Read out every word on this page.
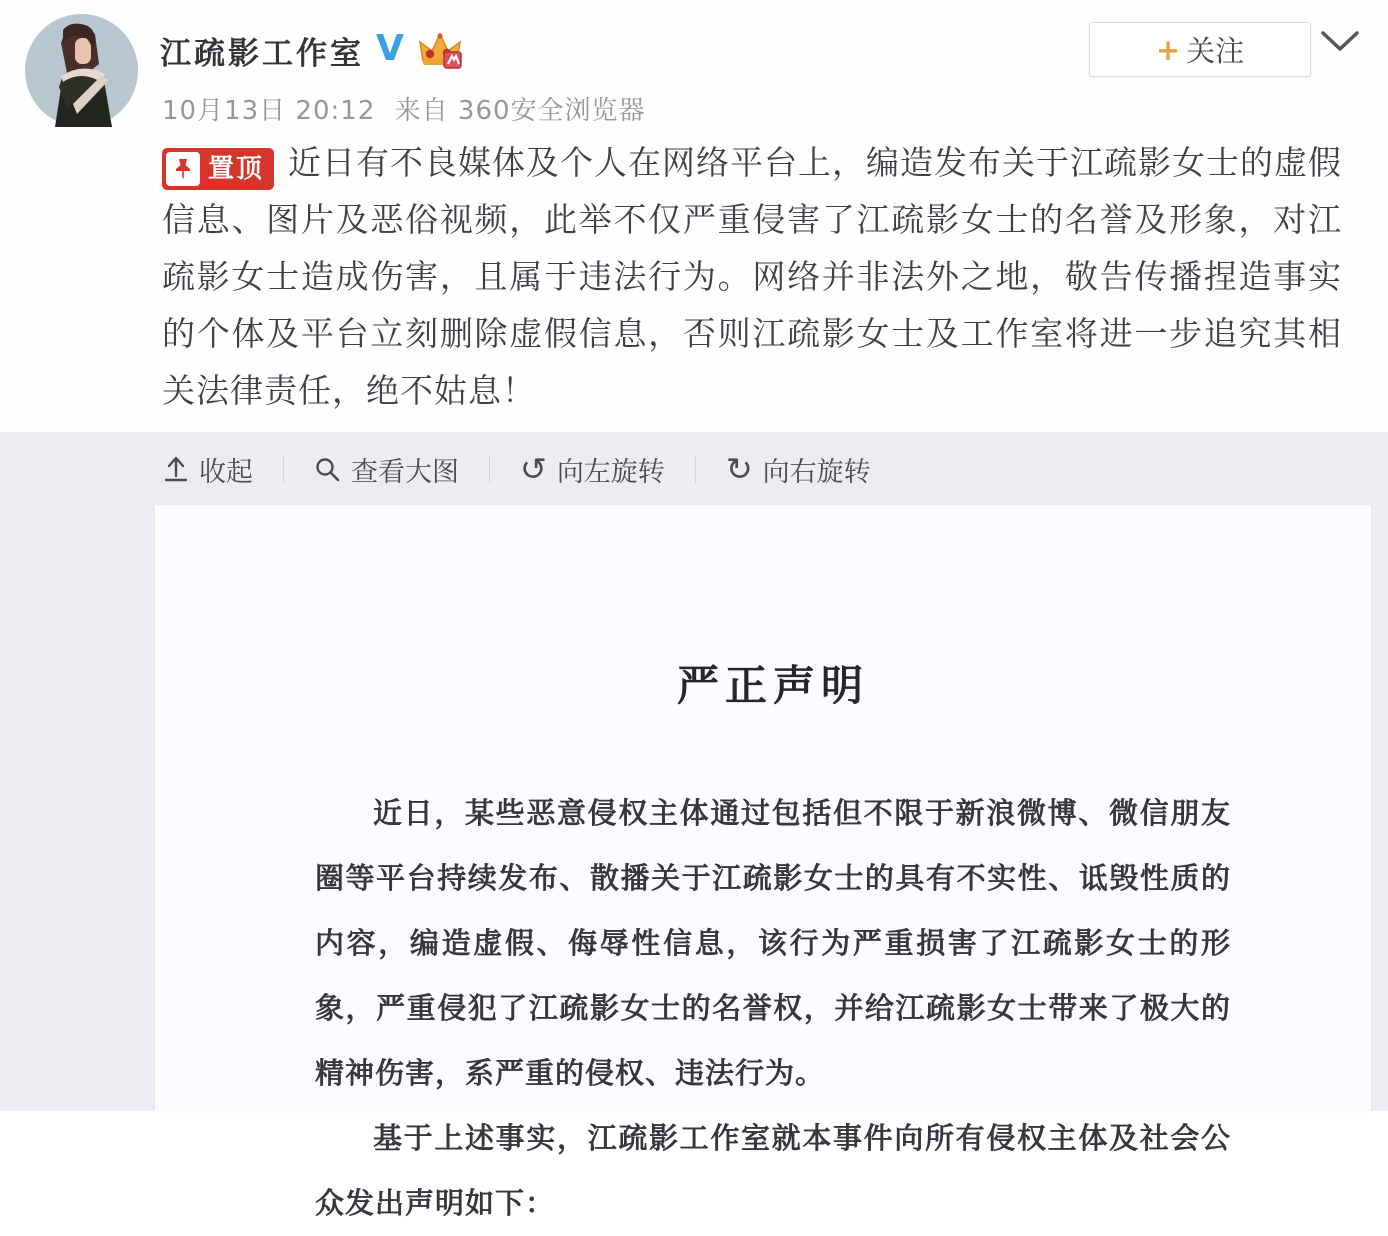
江疏影工作室 V
10月13日 20:12 来自 360安全浏览器
+ 关注
置顶 近日有不良媒体及个人在网络平台上，编造发布关于江疏影女士的虚假信息、图片及恶俗视频，此举不仅严重侵害了江疏影女士的名誉及形象，对江疏影女士造成伤害，且属于违法行为。网络并非法外之地，敬告传播捏造事实的个体及平台立刻删除虚假信息，否则江疏影女士及工作室将进一步追究其相关法律责任，绝不姑息！
收起	查看大图 ↺ 向左旋转 ↻ 向右旋转
严正声明

近日，某些恶意侵权主体通过包括但不限于新浪微博、微信朋友圈等平台持续发布、散播关于江疏影女士的具有不实性、诋毁性质的内容，编造虚假、侮辱性信息，该行为严重损害了江疏影女士的形象，严重侵犯了江疏影女士的名誉权，并给江疏影女士带来了极大的精神伤害，系严重的侵权、违法行为。

基于上述事实，江疏影工作室就本事件向所有侵权主体及社会公众发出声明如下：
